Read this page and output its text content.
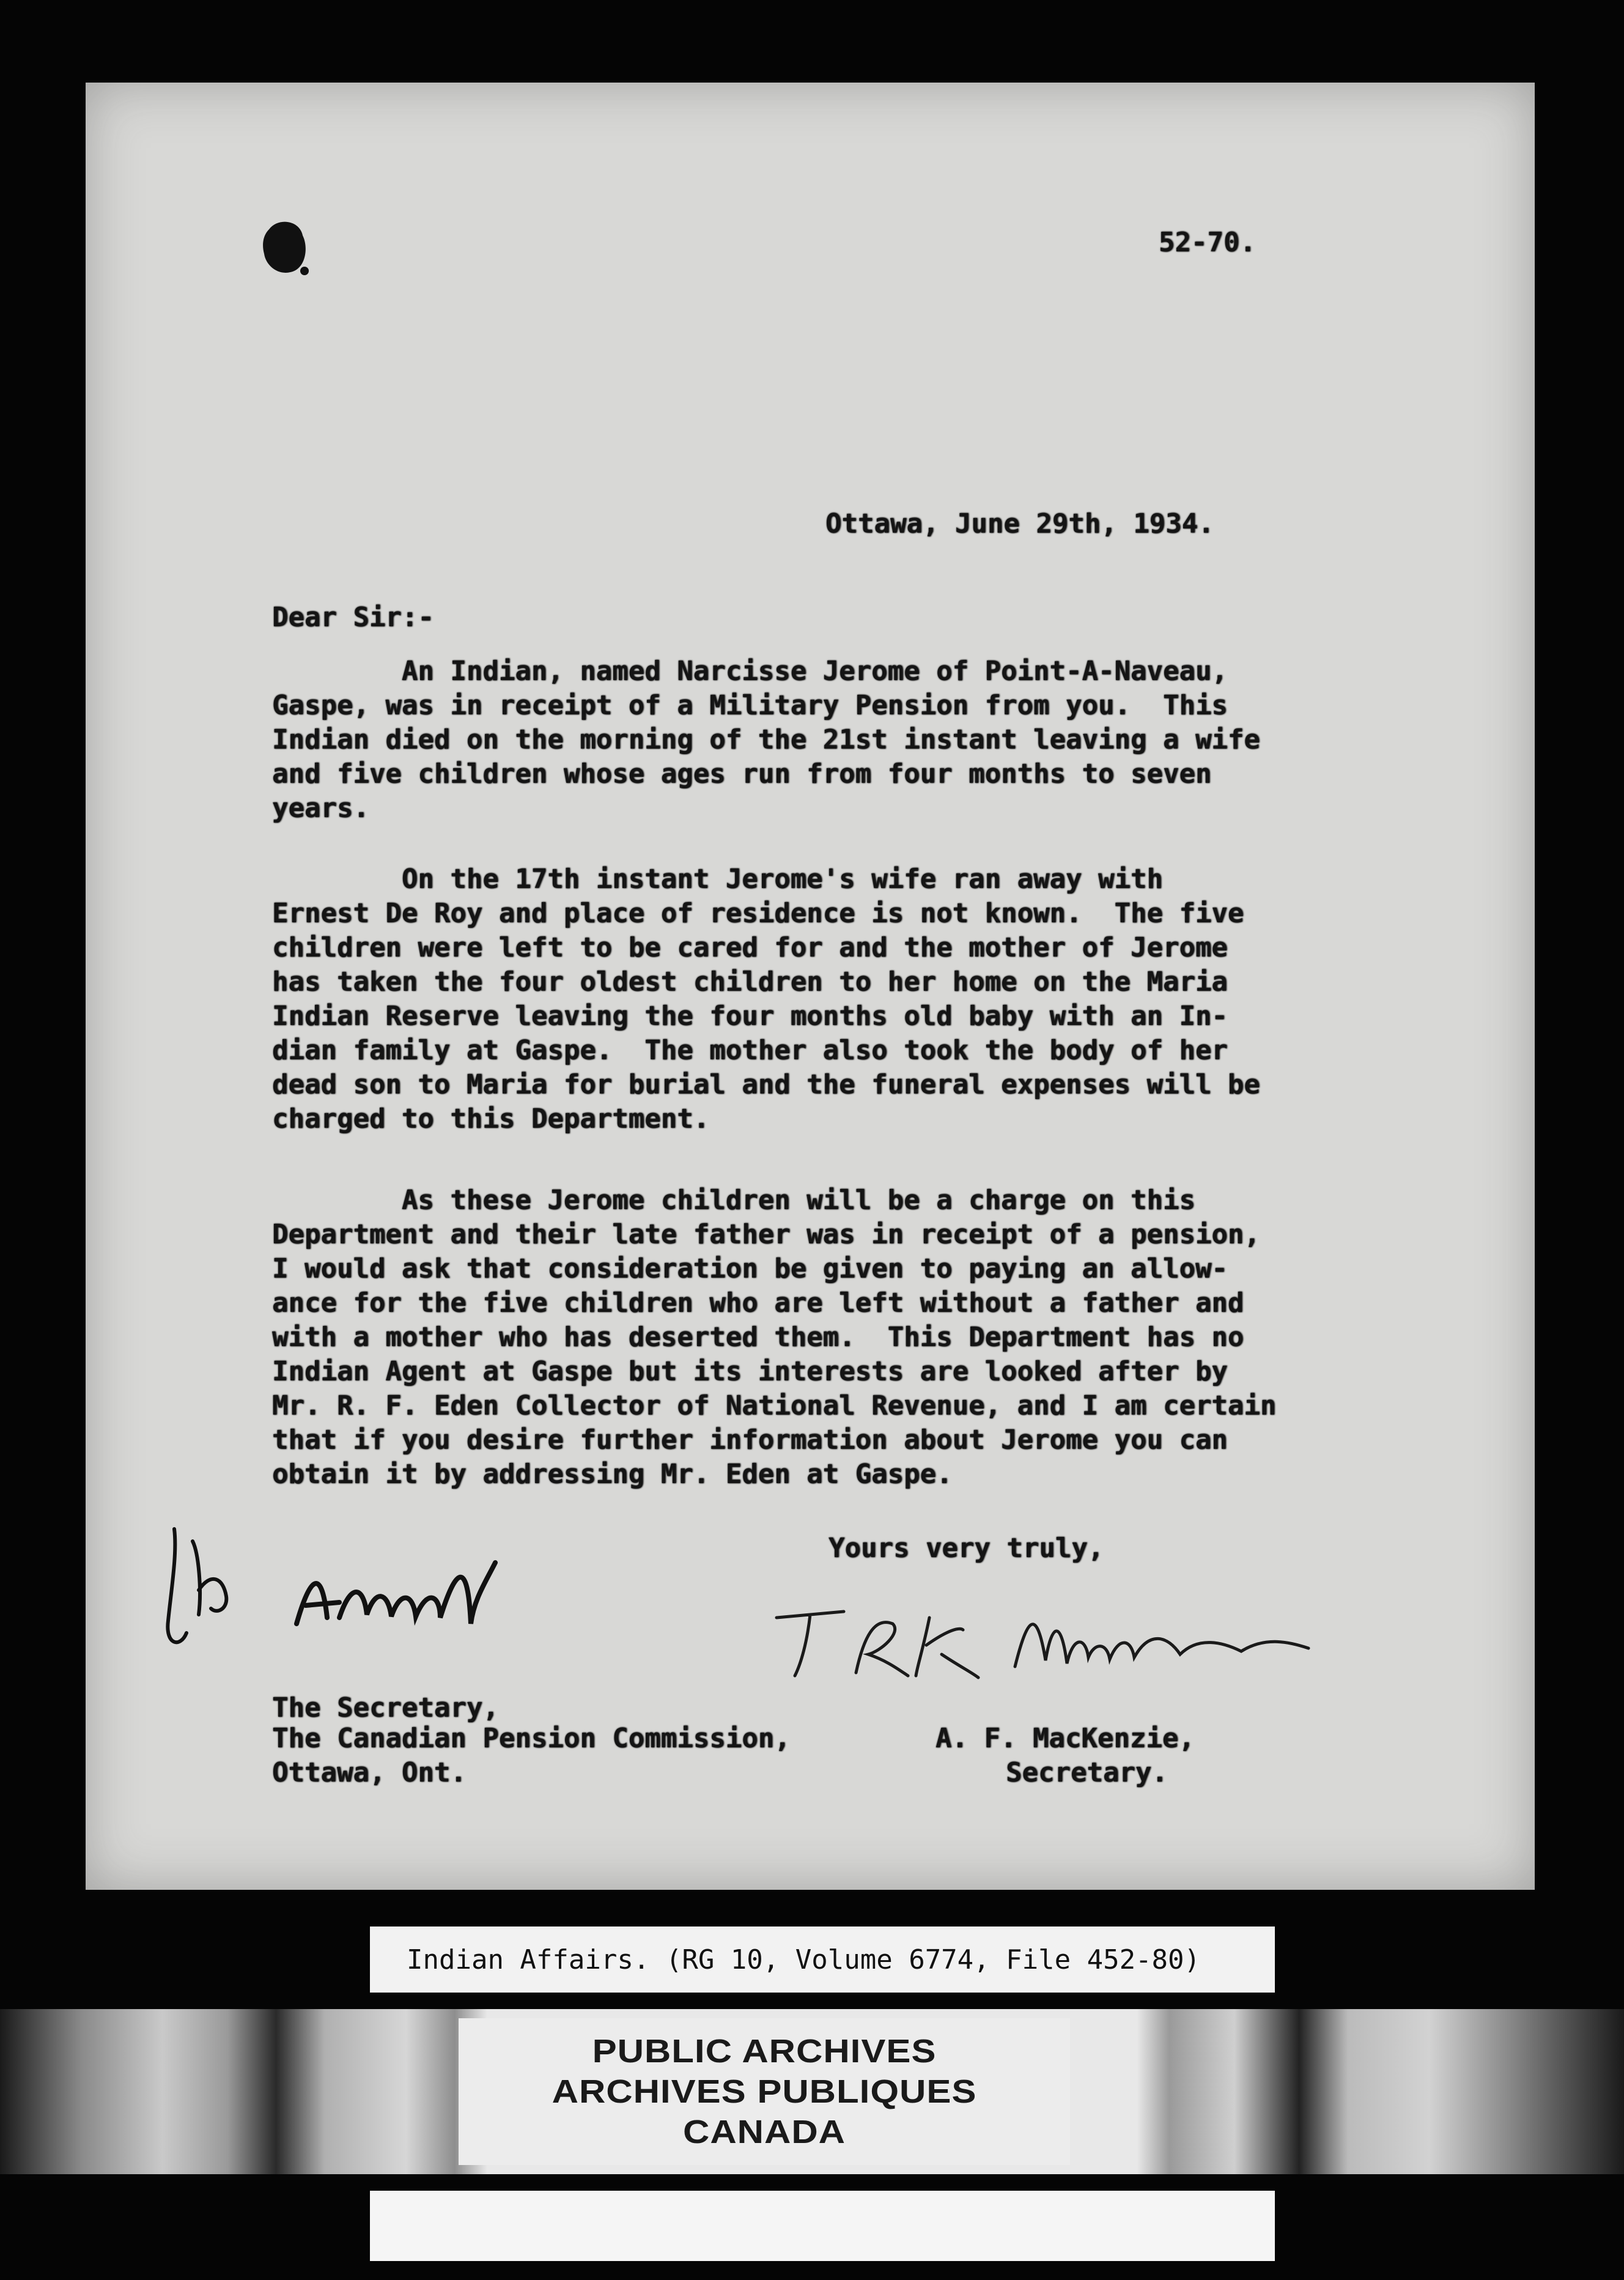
52-70.
Ottawa, June 29th, 1934.
Dear Sir:-
An Indian, named Narcisse Jerome of Point-A-Naveau,
Gaspe, was in receipt of a Military Pension from you.  This
Indian died on the morning of the 21st instant leaving a wife
and five children whose ages run from four months to seven
years.
On the 17th instant Jerome's wife ran away with
Ernest De Roy and place of residence is not known.  The five
children were left to be cared for and the mother of Jerome
has taken the four oldest children to her home on the Maria
Indian Reserve leaving the four months old baby with an In-
dian family at Gaspe.  The mother also took the body of her
dead son to Maria for burial and the funeral expenses will be
charged to this Department.
As these Jerome children will be a charge on this
Department and their late father was in receipt of a pension,
I would ask that consideration be given to paying an allow-
ance for the five children who are left without a father and
with a mother who has deserted them.  This Department has no
Indian Agent at Gaspe but its interests are looked after by
Mr. R. F. Eden Collector of National Revenue, and I am certain
that if you desire further information about Jerome you can
obtain it by addressing Mr. Eden at Gaspe.
Yours very truly,
The Secretary,
The Canadian Pension Commission,
Ottawa, Ont.
A. F. MacKenzie,
Secretary.
Indian Affairs. (RG 10, Volume 6774, File 452-80)
PUBLIC ARCHIVES
ARCHIVES PUBLIQUES
CANADA
